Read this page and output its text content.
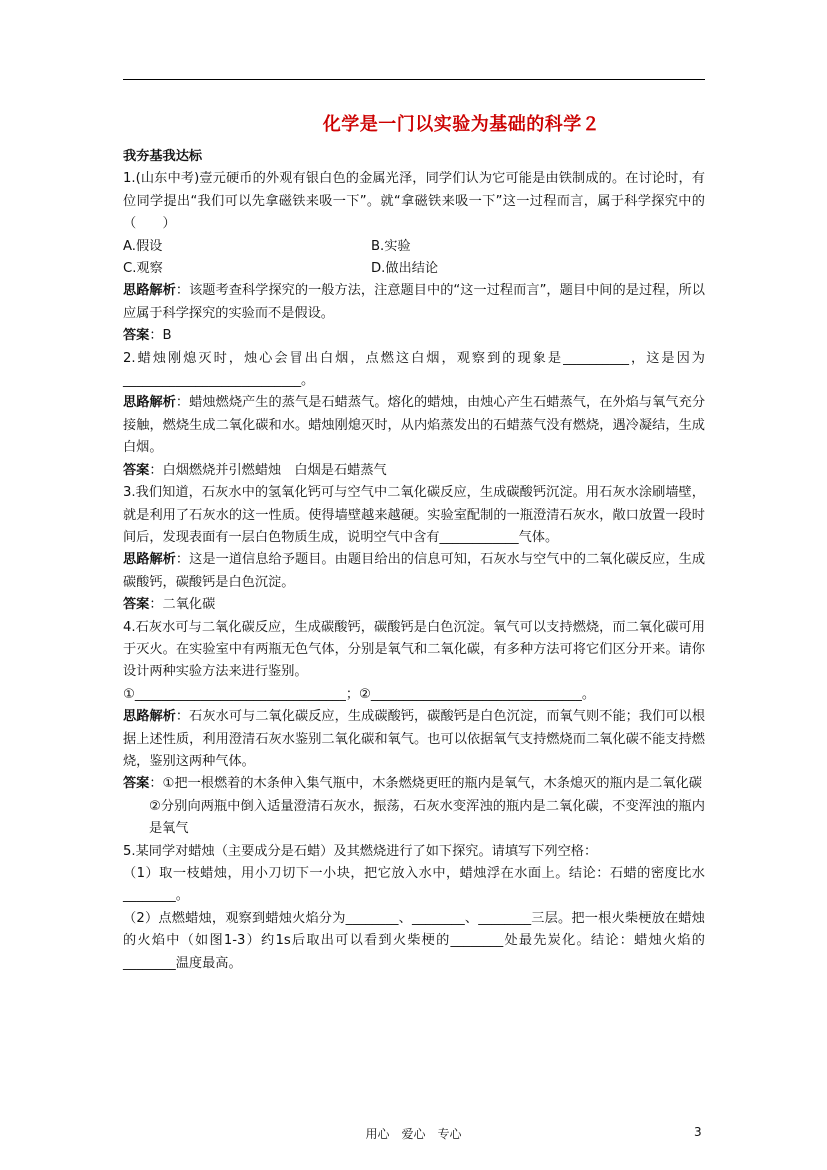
化学是一门以实验为基础的科学２

我夯基我达标

1.(山东中考)壹元硬币的外观有银白色的金属光泽，同学们认为它可能是由铁制成的。在讨论时，有位同学提出“我们可以先拿磁铁来吸一下”。就“拿磁铁来吸一下”这一过程而言，属于科学探究中的（　　）

A.假设	B.实验
C.观察	D.做出结论

思路解析：该题考查科学探究的一般方法，注意题目中的“这一过程而言”，题目中间的是过程，所以应属于科学探究的实验而不是假设。

答案：B

2.蜡烛刚熄灭时，烛心会冒出白烟，点燃这白烟，观察到的现象是__________，这是因为___________________________。

思路解析：蜡烛燃烧产生的蒸气是石蜡蒸气。熔化的蜡烛，由烛心产生石蜡蒸气，在外焰与氧气充分接触，燃烧生成二氧化碳和水。蜡烛刚熄灭时，从内焰蒸发出的石蜡蒸气没有燃烧，遇冷凝结，生成白烟。

答案：白烟燃烧并引燃蜡烛　白烟是石蜡蒸气

3.我们知道，石灰水中的氢氧化钙可与空气中二氧化碳反应，生成碳酸钙沉淀。用石灰水涂刷墙壁，就是利用了石灰水的这一性质。使得墙壁越来越硬。实验室配制的一瓶澄清石灰水，敞口放置一段时间后，发现表面有一层白色物质生成，说明空气中含有____________气体。

思路解析：这是一道信息给予题目。由题目给出的信息可知，石灰水与空气中的二氧化碳反应，生成碳酸钙，碳酸钙是白色沉淀。

答案：二氧化碳

4.石灰水可与二氧化碳反应，生成碳酸钙，碳酸钙是白色沉淀。氧气可以支持燃烧，而二氧化碳可用于灭火。在实验室中有两瓶无色气体，分别是氧气和二氧化碳，有多种方法可将它们区分开来。请你设计两种实验方法来进行鉴别。

①________________________________；②________________________________。

思路解析：石灰水可与二氧化碳反应，生成碳酸钙，碳酸钙是白色沉淀，而氧气则不能；我们可以根据上述性质，利用澄清石灰水鉴别二氧化碳和氧气。也可以依据氧气支持燃烧而二氧化碳不能支持燃烧，鉴别这两种气体。

答案：①把一根燃着的木条伸入集气瓶中，木条燃烧更旺的瓶内是氧气，木条熄灭的瓶内是二氧化碳

②分别向两瓶中倒入适量澄清石灰水，振荡，石灰水变浑浊的瓶内是二氧化碳，不变浑浊的瓶内是氧气

5.某同学对蜡烛（主要成分是石蜡）及其燃烧进行了如下探究。请填写下列空格：

（1）取一枝蜡烛，用小刀切下一小块，把它放入水中，蜡烛浮在水面上。结论：石蜡的密度比水________。

（2）点燃蜡烛，观察到蜡烛火焰分为________、________、________三层。把一根火柴梗放在蜡烛的火焰中（如图1-3）约1s后取出可以看到火柴梗的________处最先炭化。结论：蜡烛火焰的________温度最高。

用心　爱心　专心	3
